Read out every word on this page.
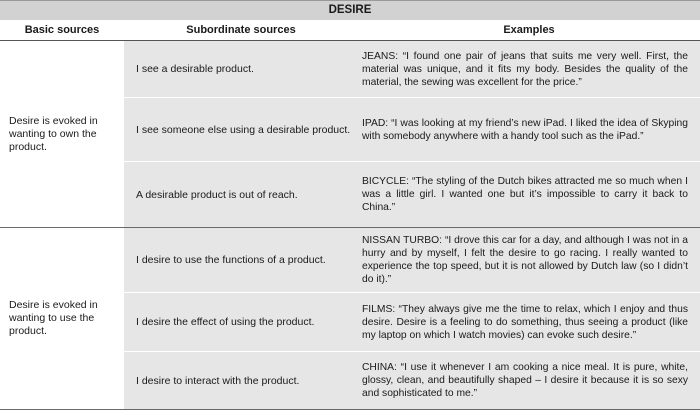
DESIRE
Basic sources	Subordinate sources	Examples
Desire is evoked in wanting to own the product.
I see a desirable product.
JEANS: “I found one pair of jeans that suits me very well. First, the material was unique, and it fits my body. Besides the quality of the material, the sewing was excellent for the price.”
I see someone else using a desirable product.
IPAD: “I was looking at my friend’s new iPad. I liked the idea of Skyping with somebody anywhere with a handy tool such as the iPad.”
A desirable product is out of reach.
BICYCLE: “The styling of the Dutch bikes attracted me so much when I was a little girl. I wanted one but it’s impossible to carry it back to China.”
Desire is evoked in wanting to use the product.
I desire to use the functions of a product.
NISSAN TURBO: “I drove this car for a day, and although I was not in a hurry and by myself, I felt the desire to go racing. I really wanted to experience the top speed, but it is not allowed by Dutch law (so I didn’t do it).”
I desire the effect of using the product.
FILMS: “They always give me the time to relax, which I enjoy and thus desire. Desire is a feeling to do something, thus seeing a product (like my laptop on which I watch movies) can evoke such desire.”
I desire to interact with the product.
CHINA: “I use it whenever I am cooking a nice meal. It is pure, white, glossy, clean, and beautifully shaped – I desire it because it is so sexy and sophisticated to me.”
